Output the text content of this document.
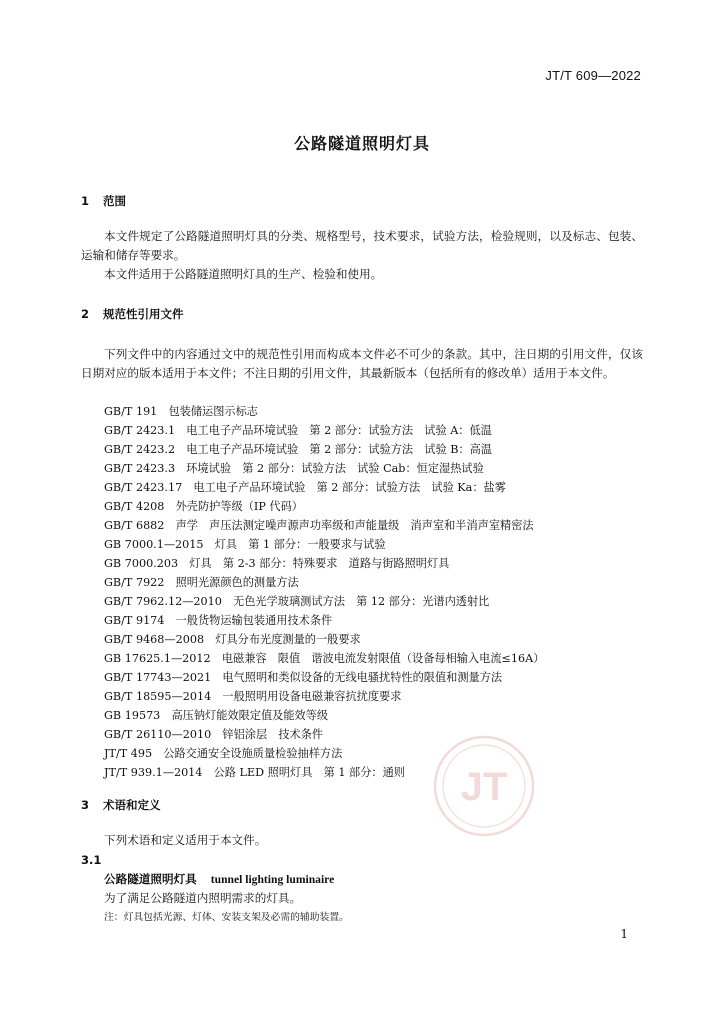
JT/T 609—2022
公路隧道照明灯具
1 范围

本文件规定了公路隧道照明灯具的分类、规格型号，技术要求，试验方法，检验规则，以及标志、包装、运输和储存等要求。

本文件适用于公路隧道照明灯具的生产、检验和使用。

2 规范性引用文件

下列文件中的内容通过文中的规范性引用而构成本文件必不可少的条款。其中，注日期的引用文件，仅该日期对应的版本适用于本文件；不注日期的引用文件，其最新版本（包括所有的修改单）适用于本文件。

GB/T 191　包装储运图示标志
GB/T 2423.1　电工电子产品环境试验　第 2 部分：试验方法　试验 A：低温
GB/T 2423.2　电工电子产品环境试验　第 2 部分：试验方法　试验 B：高温
GB/T 2423.3　环境试验　第 2 部分：试验方法　试验 Cab：恒定湿热试验
GB/T 2423.17　电工电子产品环境试验　第 2 部分：试验方法　试验 Ka：盐雾
GB/T 4208　外壳防护等级（IP 代码）
GB/T 6882　声学　声压法测定噪声源声功率级和声能量级　消声室和半消声室精密法
GB 7000.1—2015　灯具　第 1 部分：一般要求与试验
GB 7000.203　灯具　第 2-3 部分：特殊要求　道路与街路照明灯具
GB/T 7922　照明光源颜色的测量方法
GB/T 7962.12—2010　无色光学玻璃测试方法　第 12 部分：光谱内透射比
GB/T 9174　一般货物运输包装通用技术条件
GB/T 9468—2008　灯具分布光度测量的一般要求
GB 17625.1—2012　电磁兼容　限值　谐波电流发射限值（设备每相输入电流≤16A）
GB/T 17743—2021　电气照明和类似设备的无线电骚扰特性的限值和测量方法
GB/T 18595—2014　一般照明用设备电磁兼容抗扰度要求
GB 19573　高压钠灯能效限定值及能效等级
GB/T 26110—2010　锌铝涂层　技术条件
JT/T 495　公路交通安全设施质量检验抽样方法
JT/T 939.1—2014　公路 LED 照明灯具　第 1 部分：通则	JT
3 术语和定义

下列术语和定义适用于本文件。

3.1
公路隧道照明灯具 tunnel lighting luminaire
为了满足公路隧道内照明需求的灯具。
注：灯具包括光源、灯体、安装支架及必需的辅助装置。
1
